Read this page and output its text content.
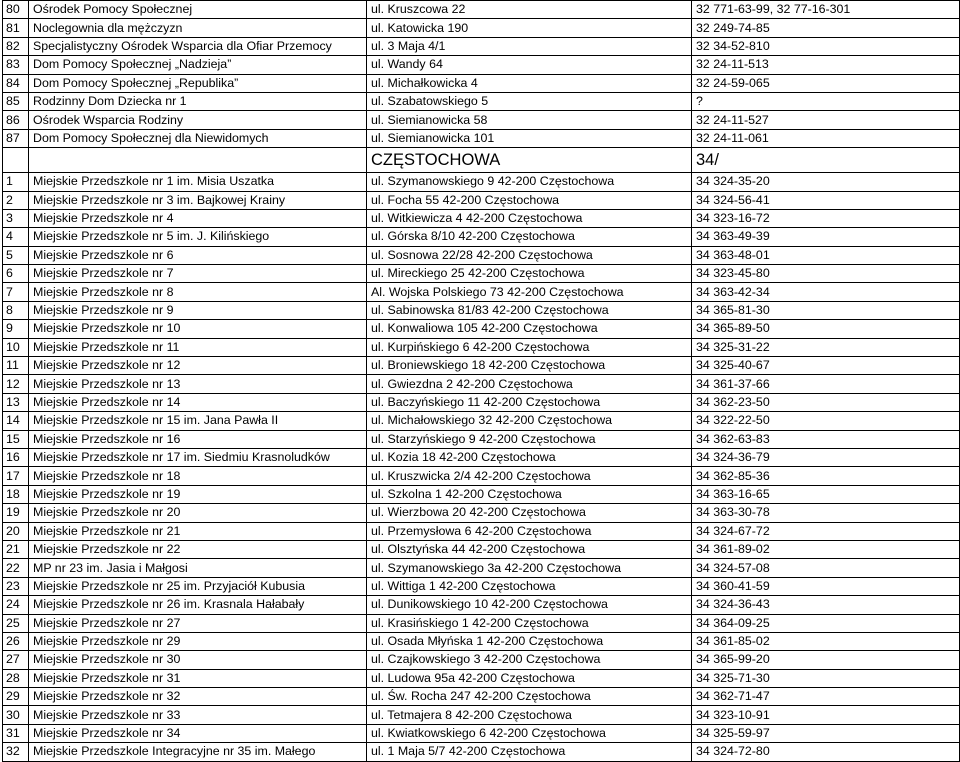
80	Ośrodek Pomocy Społecznej	ul. Kruszcowa 22	32 771-63-99, 32 77-16-301
81	Noclegownia dla mężczyzn	ul. Katowicka 190	32 249-74-85
82	Specjalistyczny Ośrodek Wsparcia dla Ofiar Przemocy	ul. 3 Maja 4/1	32 34-52-810
83	Dom Pomocy Społecznej „Nadzieja”	ul. Wandy 64	32 24-11-513
84	Dom Pomocy Społecznej „Republika”	ul. Michałkowicka 4	32 24-59-065
85	Rodzinny Dom Dziecka nr 1	ul. Szabatowskiego 5	?
86	Ośrodek Wsparcia Rodziny	ul. Siemianowicka 58	32 24-11-527
87	Dom Pomocy Społecznej dla Niewidomych	ul. Siemianowicka 101	32 24-11-061
		CZĘSTOCHOWA	34/
1	Miejskie Przedszkole nr 1 im. Misia Uszatka	ul. Szymanowskiego 9 42-200 Częstochowa	34 324-35-20
2	Miejskie Przedszkole nr 3 im. Bajkowej Krainy	ul. Focha 55 42-200 Częstochowa	34 324-56-41
3	Miejskie Przedszkole nr 4	ul. Witkiewicza 4 42-200 Częstochowa	34 323-16-72
4	Miejskie Przedszkole nr 5 im. J. Kilińskiego	ul. Górska 8/10 42-200 Częstochowa	34 363-49-39
5	Miejskie Przedszkole nr 6	ul. Sosnowa 22/28 42-200 Częstochowa	34 363-48-01
6	Miejskie Przedszkole nr 7	ul. Mireckiego 25 42-200 Częstochowa	34 323-45-80
7	Miejskie Przedszkole nr 8	Al. Wojska Polskiego 73 42-200 Częstochowa	34 363-42-34
8	Miejskie Przedszkole nr 9	ul. Sabinowska 81/83 42-200 Częstochowa	34 365-81-30
9	Miejskie Przedszkole nr 10	ul. Konwaliowa 105 42-200 Częstochowa	34 365-89-50
10	Miejskie Przedszkole nr 11	ul. Kurpińskiego 6 42-200 Częstochowa	34 325-31-22
11	Miejskie Przedszkole nr 12	ul. Broniewskiego 18 42-200 Częstochowa	34 325-40-67
12	Miejskie Przedszkole nr 13	ul. Gwiezdna 2 42-200 Częstochowa	34 361-37-66
13	Miejskie Przedszkole nr 14	ul. Baczyńskiego 11 42-200 Częstochowa	34 362-23-50
14	Miejskie Przedszkole nr 15 im. Jana Pawła II	ul. Michałowskiego 32 42-200 Częstochowa	34 322-22-50
15	Miejskie Przedszkole nr 16	ul. Starzyńskiego 9 42-200 Częstochowa	34 362-63-83
16	Miejskie Przedszkole nr 17 im. Siedmiu Krasnoludków	ul. Kozia 18 42-200 Częstochowa	34 324-36-79
17	Miejskie Przedszkole nr 18	ul. Kruszwicka 2/4 42-200 Częstochowa	34 362-85-36
18	Miejskie Przedszkole nr 19	ul. Szkolna 1 42-200 Częstochowa	34 363-16-65
19	Miejskie Przedszkole nr 20	ul. Wierzbowa 20 42-200 Częstochowa	34 363-30-78
20	Miejskie Przedszkole nr 21	ul. Przemysłowa 6 42-200 Częstochowa	34 324-67-72
21	Miejskie Przedszkole nr 22	ul. Olsztyńska 44 42-200 Częstochowa	34 361-89-02
22	MP nr 23 im. Jasia i Małgosi	ul. Szymanowskiego 3a 42-200 Częstochowa	34 324-57-08
23	Miejskie Przedszkole nr 25 im. Przyjaciół Kubusia	ul. Wittiga 1 42-200 Częstochowa	34 360-41-59
24	Miejskie Przedszkole nr 26 im. Krasnala Hałabały	ul. Dunikowskiego 10 42-200 Częstochowa	34 324-36-43
25	Miejskie Przedszkole nr 27	ul. Krasińskiego 1 42-200 Częstochowa	34 364-09-25
26	Miejskie Przedszkole nr 29	ul. Osada Młyńska 1 42-200 Częstochowa	34 361-85-02
27	Miejskie Przedszkole nr 30	ul. Czajkowskiego 3 42-200 Częstochowa	34 365-99-20
28	Miejskie Przedszkole nr 31	ul. Ludowa 95a 42-200 Częstochowa	34 325-71-30
29	Miejskie Przedszkole nr 32	ul. Św. Rocha 247 42-200 Częstochowa	34 362-71-47
30	Miejskie Przedszkole nr 33	ul. Tetmajera 8 42-200 Częstochowa	34 323-10-91
31	Miejskie Przedszkole nr 34	ul. Kwiatkowskiego 6 42-200 Częstochowa	34 325-59-97
32	Miejskie Przedszkole Integracyjne nr 35 im. Małego	ul. 1 Maja 5/7 42-200 Częstochowa	34 324-72-80
